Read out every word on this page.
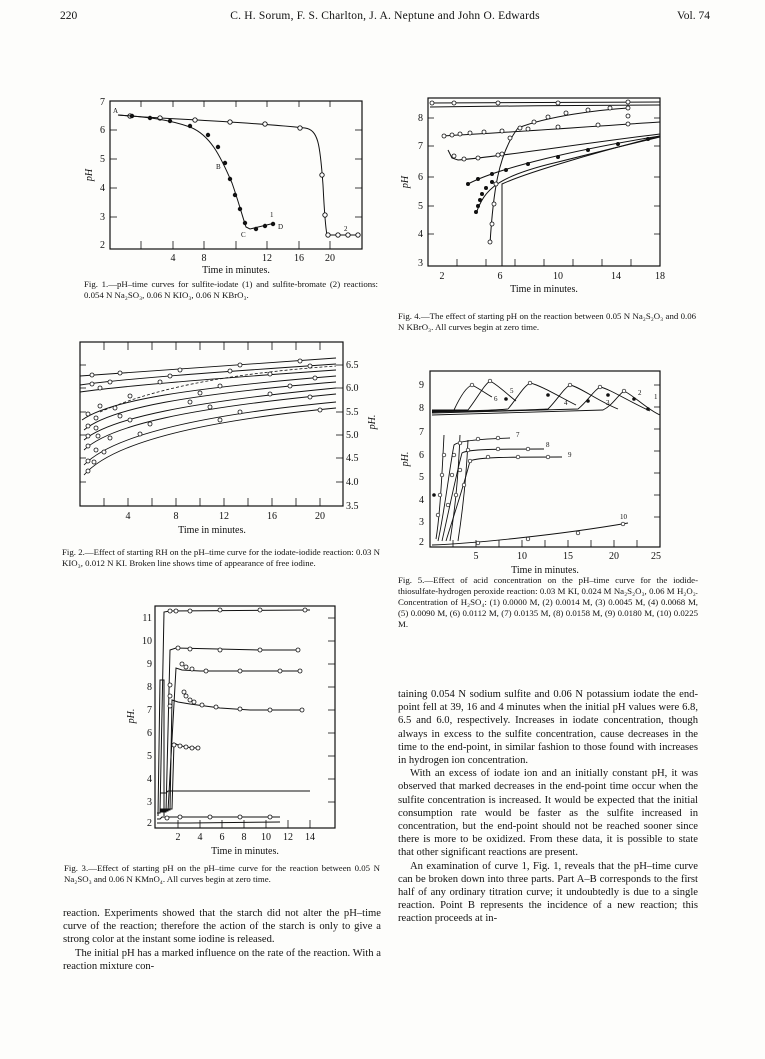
220	C. H. Sorum, F. S. Charlton, J. A. Neptune and John O. Edwards	Vol. 74
4	8	12 16 20
2
3
4
5
6
7
Time in minutes.
pH
A
B
C
D
1
2
Fig. 1.—pH–time curves for sulfite-iodate (1) and sulfite-bromate (2) reactions: 0.054 N Na₂SO₃, 0.06 N KIO₃, 0.06 N KBrO₃.
4	8	12	16	20
3.5
4.0
4.5
5.0
5.5
6.0
6.5
Time in minutes.
pH.
Fig. 2.—Effect of starting RH on the pH–time curve for the iodate-iodide reaction: 0.03 N KIO₃, 0.012 N KI. Broken line shows time of appearance of free iodine.
2 4 6 8 10 12 14
2
3
4
5
6
7
8
9
10
11
Time in minutes.
pH.
Fig. 3.—Effect of starting pH on the pH–time curve for the reaction between 0.05 N Na₂SO₃ and 0.06 N KMnO₄. All curves begin at zero time.
2	6	10	14	18
3
4
5
6
7
8
Time in minutes.
pH
Fig. 4.—The effect of starting pH on the reaction between 0.05 N Na₂S₂O₃ and 0.06 N KBrO₃. All curves begin at zero time.
5	10	15	20	25
2
3
4
5
6
7
8
9
Time in minutes.
pH.
1
2
3
4
5
6
7
8
9
10
Fig. 5.—Effect of acid concentration on the pH–time curve for the iodide-thiosulfate-hydrogen peroxide reaction: 0.03 M KI, 0.024 M Na₂S₂O₃, 0.06 M H₂O₂. Concentration of H₂SO₄: (1) 0.0000 M, (2) 0.0014 M, (3) 0.0045 M, (4) 0.0068 M, (5) 0.0090 M, (6) 0.0112 M, (7) 0.0135 M, (8) 0.0158 M, (9) 0.0180 M, (10) 0.0225 M.

reaction. Experiments showed that the starch did not alter the pH–time curve of the reaction; therefore the action of the starch is only to give a strong color at the instant some iodine is released.

The initial pH has a marked influence on the rate of the reaction. With a reaction mixture con-

taining 0.054 N sodium sulfite and 0.06 N potassium iodate the end-point fell at 39, 16 and 4 minutes when the initial pH values were 6.8, 6.5 and 6.0, respectively. Increases in iodate concentration, though always in excess to the sulfite concentration, cause decreases in the time to the end-point, in similar fashion to those found with increases in hydrogen ion concentration.

With an excess of iodate ion and an initially constant pH, it was observed that marked decreases in the end-point time occur when the sulfite concentration is increased. It would be expected that the initial consumption rate would be faster as the sulfite increased in concentration, but the end-point should not be reached sooner since there is more to be oxidized. From these data, it is possible to state that other significant reactions are present.

An examination of curve 1, Fig. 1, reveals that the pH–time curve can be broken down into three parts. Part A–B corresponds to the first half of any ordinary titration curve; it undoubtedly is due to a single reaction. Point B represents the incidence of a new reaction; this reaction proceeds at in-
